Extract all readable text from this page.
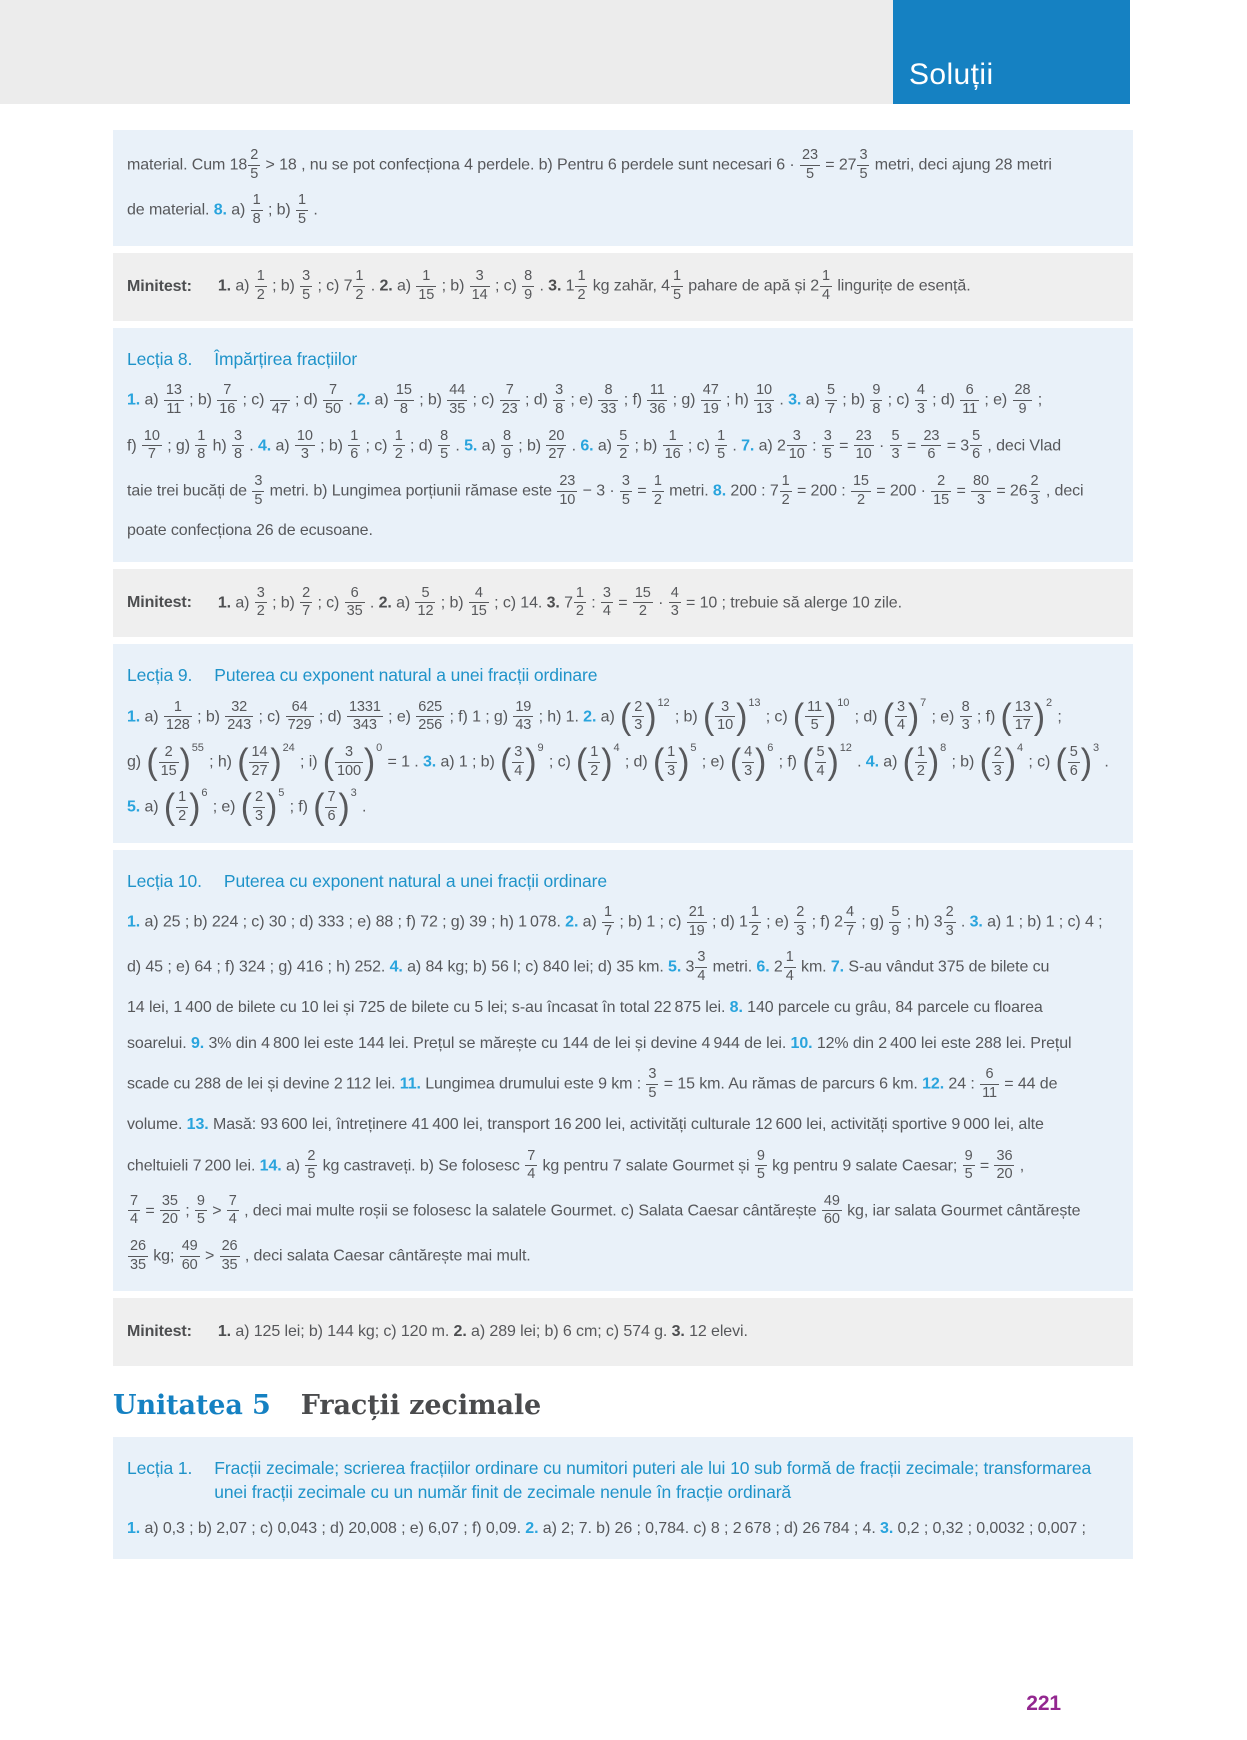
Soluții

material. Cum $18 \frac{2}{5} > 18$ , nu se pot confecționa 4 perdele. b) Pentru 6 perdele sunt necesari $6 \cdot \frac{23}{5} = 27 \frac{3}{5}$ metri, deci ajung 28 metri

de material. 8. $a) \frac{1}{8}$ ; $b) \frac{1}{5}$ .

Minitest: 1. $a) \frac{1}{2}$ ; $b) \frac{3}{5}$ ; c) $7 \frac{1}{2}$ . 2. $a) \frac{1}{15}$ ; $b) \frac{3}{14}$ ; $c) \frac{8}{9}$ . 3. $1 \frac{1}{2}$ kg zahăr, $4 \frac{1}{5}$ pahare de apă și $2 \frac{1}{4}$ lingurițe de esență.
Lecția 8. Împărțirea fracțiilor

1. $a) \frac{13}{11}$ ; $b) \frac{7}{16}$ ; c)

47
; $d) \frac{7}{50}$ . 2. $a) \frac{15}{8}$ ; $b) \frac{44}{35}$ ; $c) \frac{7}{23}$ ; $d) \frac{3}{8}$ ; $e) \frac{8}{33}$ ; $f) \frac{11}{36}$ ; $g) \frac{47}{19}$ ; $h) \frac{10}{13}$ . 3. $a) \frac{5}{7}$ ; $b) \frac{9}{8}$ ; $c) \frac{4}{3}$ ; $d) \frac{6}{11}$ ; $e) \frac{28}{9}$ ;

$f) \frac{10}{7}$ ; $g) \frac{1}{8} h) \frac{3}{8}$ . 4. $a) \frac{10}{3}$ ; $b) \frac{1}{6}$ ; $c) \frac{1}{2}$ ; $d) \frac{8}{5}$ . 5. $a) \frac{8}{9}$ ; $b) \frac{20}{27}$ . 6. $a) \frac{5}{2}$ ; $b) \frac{1}{16}$ ; $c) \frac{1}{5}$ . 7. a) $2 \frac{3}{10}$ : $\frac{3}{5} = \frac{23}{10} \cdot \frac{5}{3} = \frac{23}{6} = 3 \frac{5}{6}$ , deci Vlad

taie trei bucăți de $\frac{3}{5}$ metri. b) Lungimea porțiunii rămase este $\frac{23}{10} - 3 \cdot \frac{3}{5} = \frac{1}{2}$ metri. 8. 200 : $7 \frac{1}{2} = 200$ : $\frac{15}{2} = 200 \cdot \frac{2}{15} = \frac{80}{3} = 26 \frac{2}{3}$ , deci

poate confecționa 26 de ecusoane.

Minitest: 1. $a) \frac{3}{2}$ ; $b) \frac{2}{7}$ ; $c) \frac{6}{35}$ . 2. $a) \frac{5}{12}$ ; $b) \frac{4}{15}$ ; c) 14. 3. $7 \frac{1}{2}$ : $\frac{3}{4} = \frac{15}{2} \cdot \frac{4}{3} = 10$ ; trebuie să alerge 10 zile.
Lecția 9. Puterea cu exponent natural a unei fracții ordinare

1. $a) \frac{1}{128}$ ; $b) \frac{32}{243}$ ; $c) \frac{64}{729}$ ; $d) \frac{1331}{343}$ ; $e) \frac{625}{256}$ ; f) 1 ; $g) \frac{19}{43}$ ; h) 1. 2. a) ( $\frac{2}{3}$ ) 12
; b) ( $\frac{3}{10}$ ) 13
; c) ( $\frac{11}{5}$ ) 10
; d) ( $\frac{3}{4}$ ) 7
; $e) \frac{8}{3}$ ; f) ( $\frac{13}{17}$ ) 2
;

g) ( $\frac{2}{15}$ ) 55
; h) ( $\frac{14}{27}$ ) 24
; i) ( $\frac{3}{100}$ ) 0
= 1 . 3. a) 1 ; b) ( $\frac{3}{4}$ ) 9
; c) ( $\frac{1}{2}$ ) 4
; d) ( $\frac{1}{3}$ ) 5
; e) ( $\frac{4}{3}$ ) 6
; f) ( $\frac{5}{4}$ ) 12
. 4. a) ( $\frac{1}{2}$ ) 8
; b) ( $\frac{2}{3}$ ) 4
; c) ( $\frac{5}{6}$ ) 3
.

5. a) ( $\frac{1}{2}$ ) 6
; e) ( $\frac{2}{3}$ ) 5
; f) ( $\frac{7}{6}$ ) 3
.

Lecția 10. Puterea cu exponent natural a unei fracții ordinare

1. a) 25 ; b) 224 ; c) 30 ; d) 333 ; e) 88 ; f) 72 ; g) 39 ; h) 1 078. 2. $a) \frac{1}{7}$ ; b) 1 ; $c) \frac{21}{19}$ ; d) $1 \frac{1}{2}$ ; $e) \frac{2}{3}$ ; f) $2 \frac{4}{7}$ ; $g) \frac{5}{9}$ ; h) $3 \frac{2}{3}$ . 3. a) 1 ; b) 1 ; c) 4 ;

d) 45 ; e) 64 ; f) 324 ; g) 416 ; h) 252. 4. a) 84 kg; b) 56 l; c) 840 lei; d) 35 km. 5. $3 \frac{3}{4}$ metri. 6. $2 \frac{1}{4}$ km. 7. S-au vândut 375 de bilete cu

14 lei, 1 400 de bilete cu 10 lei și 725 de bilete cu 5 lei; s-au încasat în total 22 875 lei. 8. 140 parcele cu grâu, 84 parcele cu floarea

soarelui. 9. 3% din 4 800 lei este 144 lei. Prețul se mărește cu 144 de lei și devine 4 944 de lei. 10. 12% din 2 400 lei este 288 lei. Prețul

scade cu 288 de lei și devine 2 112 lei. 11. Lungimea drumului este 9 km : $\frac{3}{5} = 15$ km. Au rămas de parcurs 6 km. 12. 24 : $\frac{6}{11} = 44$ de

volume. 13. Masă: 93 600 lei, întreținere 41 400 lei, transport 16 200 lei, activități culturale 12 600 lei, activități sportive 9 000 lei, alte

cheltuieli 7 200 lei. 14. $a) \frac{2}{5}$ kg castraveți. b) Se folosesc $\frac{7}{4}$ kg pentru 7 salate Gourmet și $\frac{9}{5}$ kg pentru 9 salate Caesar; $\frac{9}{5} = \frac{36}{20}$ ,

$\frac{7}{4} = \frac{35}{20}$ ; $\frac{9}{5} > \frac{7}{4}$ , deci mai multe roșii se folosesc la salatele Gourmet. c) Salata Caesar cântărește $\frac{49}{60}$ kg, iar salata Gourmet cântărește

$\frac{26}{35}$ kg; $\frac{49}{60} > \frac{26}{35}$ , deci salata Caesar cântărește mai mult.

Minitest: 1. a) 125 lei; b) 144 kg; c) 120 m. 2. a) 289 lei; b) 6 cm; c) 574 g. 3. 12 elevi.
Unitatea 5 Fracții zecimale
Lecția 1. Fracții zecimale; scrierea fracțiilor ordinare cu numitori puteri ale lui 10 sub formă de fracții zecimale; transformarea unei fracții zecimale cu un număr finit de zecimale nenule în fracție ordinară

1. a) 0,3 ; b) 2,07 ; c) 0,043 ; d) 20,008 ; e) 6,07 ; f) 0,09. 2. a) 2; 7. b) 26 ; 0,784. c) 8 ; 2 678 ; d) 26 784 ; 4. 3. 0,2 ; 0,32 ; 0,0032 ; 0,007 ;

221
